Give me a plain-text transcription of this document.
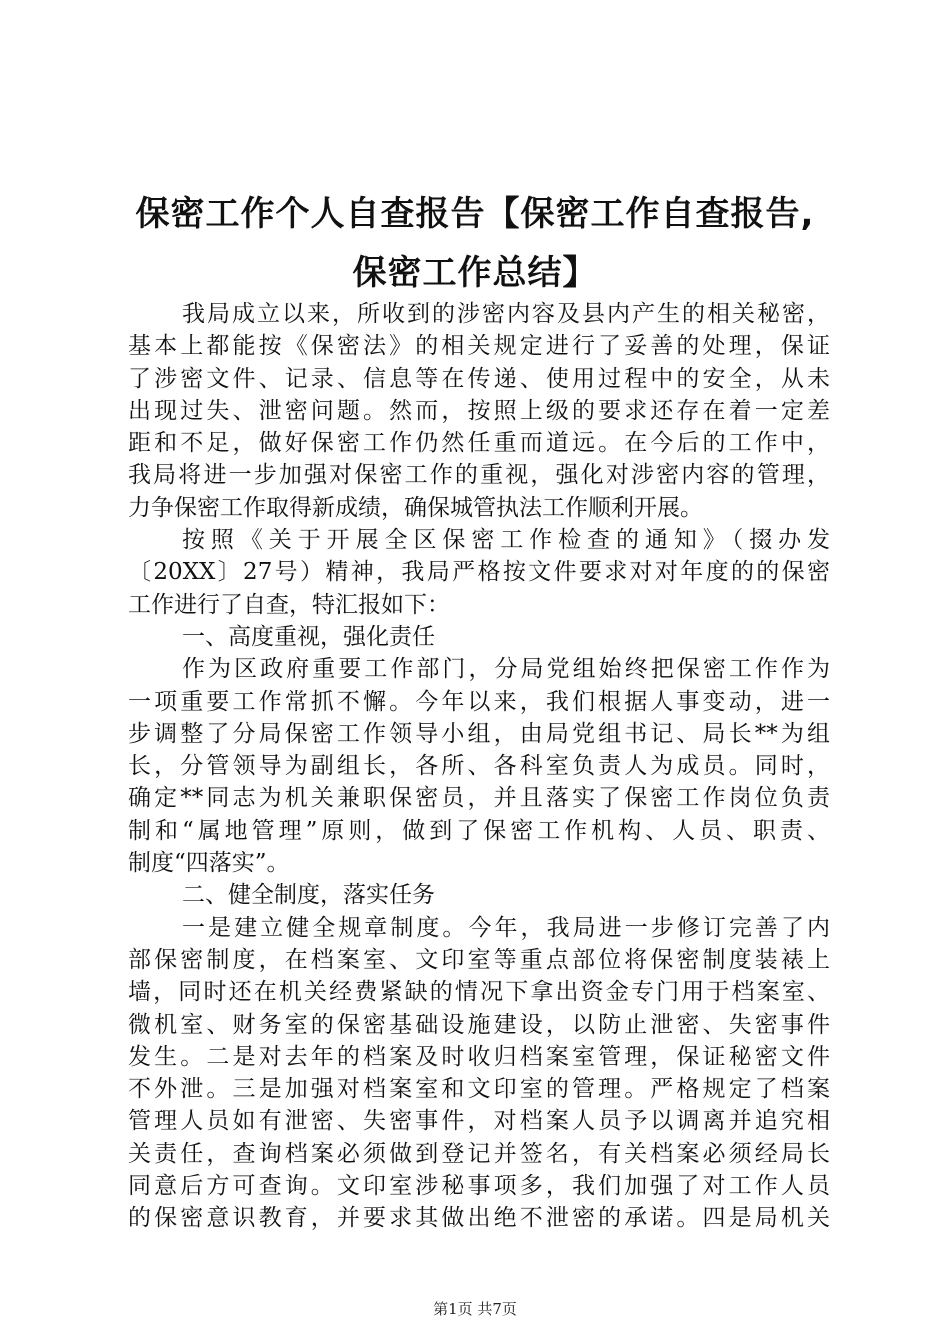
保密工作个人自查报告【保密工作自查报告,
保密工作总结】
我局成立以来，所收到的涉密内容及县内产生的相关秘密，
基本上都能按《保密法》的相关规定进行了妥善的处理，保证
了涉密文件、记录、信息等在传递、使用过程中的安全，从未
出现过失、泄密问题。然而，按照上级的要求还存在着一定差
距和不足，做好保密工作仍然任重而道远。在今后的工作中，
我局将进一步加强对保密工作的重视，强化对涉密内容的管理，
力争保密工作取得新成绩，确保城管执法工作顺利开展。
按照《关于开展全区保密工作检查的通知》（掇办发
〔20XX〕27号）精神，我局严格按文件要求对对年度的的保密
工作进行了自查，特汇报如下：
一、高度重视，强化责任
作为区政府重要工作部门，分局党组始终把保密工作作为
一项重要工作常抓不懈。今年以来，我们根据人事变动，进一
步调整了分局保密工作领导小组，由局党组书记、局长**为组
长，分管领导为副组长，各所、各科室负责人为成员。同时，
确定**同志为机关兼职保密员，并且落实了保密工作岗位负责
制和“属地管理”原则，做到了保密工作机构、人员、职责、
制度“四落实”。
二、健全制度，落实任务
一是建立健全规章制度。今年，我局进一步修订完善了内
部保密制度，在档案室、文印室等重点部位将保密制度装裱上
墙，同时还在机关经费紧缺的情况下拿出资金专门用于档案室、
微机室、财务室的保密基础设施建设，以防止泄密、失密事件
发生。二是对去年的档案及时收归档案室管理，保证秘密文件
不外泄。三是加强对档案室和文印室的管理。严格规定了档案
管理人员如有泄密、失密事件，对档案人员予以调离并追究相
关责任，查询档案必须做到登记并签名，有关档案必须经局长
同意后方可查询。文印室涉秘事项多，我们加强了对工作人员
的保密意识教育，并要求其做出绝不泄密的承诺。四是局机关
第1页 共7页
